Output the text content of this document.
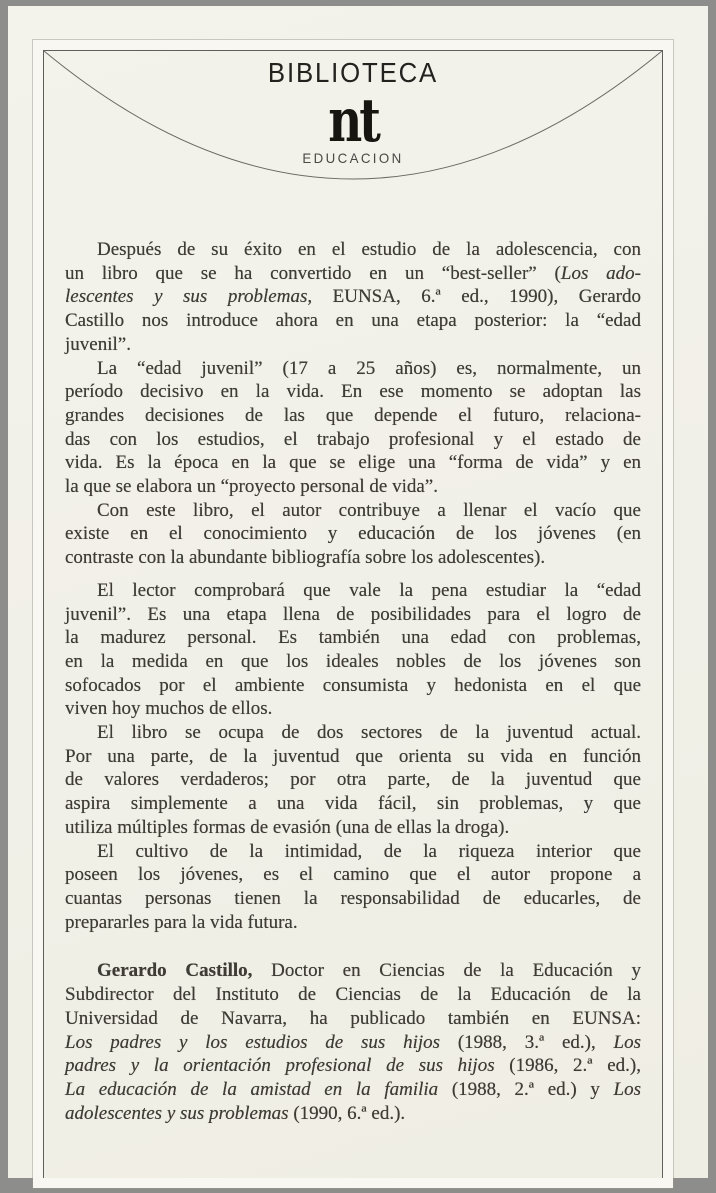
BIBLIOTECA
nt
EDUCACION
Después de su éxito en el estudio de la adolescencia, con
un libro que se ha convertido en un “best-seller” (Los ado-
lescentes y sus problemas, EUNSA, 6.ª ed., 1990), Gerardo
Castillo nos introduce ahora en una etapa posterior: la “edad
juvenil”.
La “edad juvenil” (17 a 25 años) es, normalmente, un
período decisivo en la vida. En ese momento se adoptan las
grandes decisiones de las que depende el futuro, relaciona-
das con los estudios, el trabajo profesional y el estado de
vida. Es la época en la que se elige una “forma de vida” y en
la que se elabora un “proyecto personal de vida”.
Con este libro, el autor contribuye a llenar el vacío que
existe en el conocimiento y educación de los jóvenes (en
contraste con la abundante bibliografía sobre los adolescentes).
El lector comprobará que vale la pena estudiar la “edad
juvenil”. Es una etapa llena de posibilidades para el logro de
la madurez personal. Es también una edad con problemas,
en la medida en que los ideales nobles de los jóvenes son
sofocados por el ambiente consumista y hedonista en el que
viven hoy muchos de ellos.
El libro se ocupa de dos sectores de la juventud actual.
Por una parte, de la juventud que orienta su vida en función
de valores verdaderos; por otra parte, de la juventud que
aspira simplemente a una vida fácil, sin problemas, y que
utiliza múltiples formas de evasión (una de ellas la droga).
El cultivo de la intimidad, de la riqueza interior que
poseen los jóvenes, es el camino que el autor propone a
cuantas personas tienen la responsabilidad de educarles, de
prepararles para la vida futura.
Gerardo Castillo, Doctor en Ciencias de la Educación y
Subdirector del Instituto de Ciencias de la Educación de la
Universidad de Navarra, ha publicado también en EUNSA:
Los padres y los estudios de sus hijos (1988, 3.ª ed.), Los
padres y la orientación profesional de sus hijos (1986, 2.ª ed.),
La educación de la amistad en la familia (1988, 2.ª ed.) y Los
adolescentes y sus problemas (1990, 6.ª ed.).
